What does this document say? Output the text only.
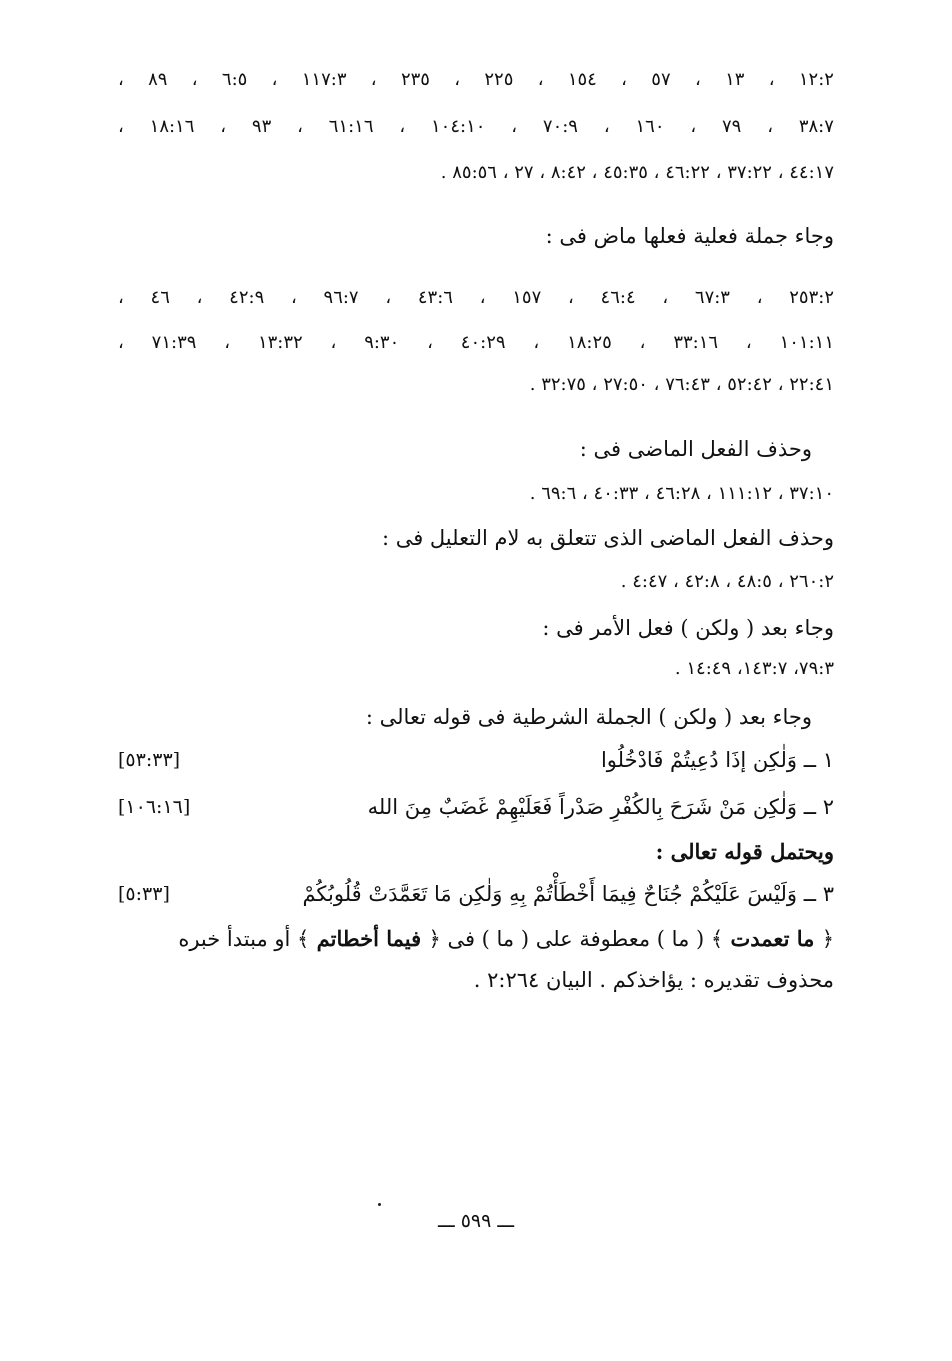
١٢:٢ ، ١٣ ، ٥٧ ، ١٥٤ ، ٢٢٥ ، ٢٣٥ ، ١١٧:٣ ، ٦:٥ ، ٨٩ ،
٣٨:٧ ، ٧٩ ، ١٦٠ ، ٧٠:٩ ، ١٠٤:١٠ ، ٦١:١٦ ، ٩٣ ، ١٨:١٦ ،
٤٤:١٧ ، ٣٧:٢٢ ، ٤٦:٢٢ ، ٤٥:٣٥ ، ٨:٤٢ ، ٢٧ ، ٨٥:٥٦ .
وجاء جملة فعلية فعلها ماض فى :
٢٥٣:٢ ، ٦٧:٣ ، ٤٦:٤ ، ١٥٧ ، ٤٣:٦ ، ٩٦:٧ ، ٤٢:٩ ، ٤٦ ،
١٠١:١١ ، ٣٣:١٦ ، ١٨:٢٥ ، ٤٠:٢٩ ، ٩:٣٠ ، ١٣:٣٢ ، ٧١:٣٩ ،
٢٢:٤١ ، ٥٢:٤٢ ، ٧٦:٤٣ ، ٢٧:٥٠ ، ٣٢:٧٥ .
وحذف الفعل الماضى فى :
٣٧:١٠ ، ١١١:١٢ ، ٤٦:٢٨ ، ٤٠:٣٣ ، ٦٩:٦ .
وحذف الفعل الماضى الذى تتعلق به لام التعليل فى :
٢٦٠:٢ ، ٤٨:٥ ، ٤٢:٨ ، ٤:٤٧ .
وجاء بعد ( ولكن ) فعل الأمر فى :
٧٩:٣، ١٤٣:٧، ١٤:٤٩ .
وجاء بعد ( ولكن ) الجملة الشرطية فى قوله تعالى :
١ ــ وَلٰكِن إذَا دُعِيتُمْ فَادْخُلُوا
[٥٣:٣٣]
٢ ــ وَلٰكِن مَنْ شَرَحَ بِالكُفْرِ صَدْراً فَعَلَيْهِمْ غَضَبٌ مِنَ الله
[١٠٦:١٦]
ويحتمل قوله تعالى :
٣ ــ وَلَيْسَ عَلَيْكُمْ جُنَاحٌ فِيمَا أَخْطَأْتُمْ بِهِ وَلٰكِن مَا تَعَمَّدَتْ قُلُوبُكُمْ
[٥:٣٣]
﴿ ما تعمدت ﴾ ( ما ) معطوفة على ( ما ) فى ﴿ فيما أخطاتم ﴾ أو مبتدأ خبره
محذوف تقديره : يؤاخذكم . البيان ٢:٢٦٤ .
ـــ ٥٩٩ ـــ
